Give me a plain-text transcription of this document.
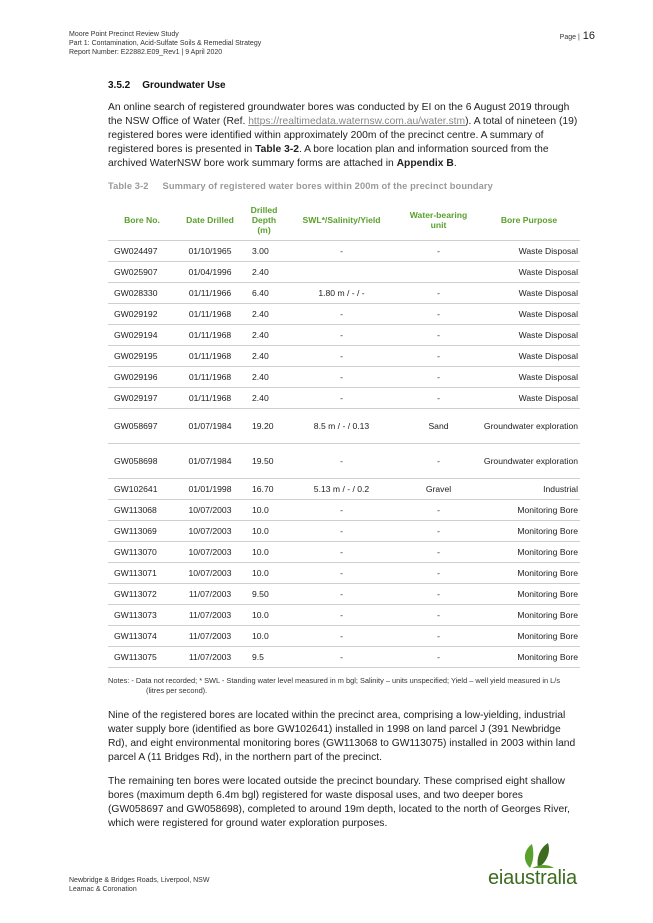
Moore Point Precinct Review Study
Part 1: Contamination, Acid-Sulfate Soils & Remedial Strategy
Report Number: E22882.E09_Rev1 | 9 April 2020
Page | 16
3.5.2 Groundwater Use

An online search of registered groundwater bores was conducted by EI on the 6 August 2019 through the NSW Office of Water (Ref. https://realtimedata.waternsw.com.au/water.stm). A total of nineteen (19) registered bores were identified within approximately 200m of the precinct centre. A summary of registered bores is presented in Table 3-2. A bore location plan and information sourced from the archived WaterNSW bore work summary forms are attached in Appendix B.

Table 3-2 Summary of registered water bores within 200m of the precinct boundary
Bore No.	Date Drilled	Drilled Depth (m)	SWL*/Salinity/Yield	Water-bearing unit	Bore Purpose
GW024497	01/10/1965	3.00	-	-	Waste Disposal
GW025907	01/04/1996	2.40			Waste Disposal
GW028330	01/11/1966	6.40	1.80 m / - / -	-	Waste Disposal
GW029192	01/11/1968	2.40	-	-	Waste Disposal
GW029194	01/11/1968	2.40	-	-	Waste Disposal
GW029195	01/11/1968	2.40	-	-	Waste Disposal
GW029196	01/11/1968	2.40	-	-	Waste Disposal
GW029197	01/11/1968	2.40	-	-	Waste Disposal
GW058697	01/07/1984	19.20	8.5 m / - / 0.13	Sand	Groundwater exploration
GW058698	01/07/1984	19.50	-	-	Groundwater exploration
GW102641	01/01/1998	16.70	5.13 m / - / 0.2	Gravel	Industrial
GW113068	10/07/2003	10.0	-	-	Monitoring Bore
GW113069	10/07/2003	10.0	-	-	Monitoring Bore
GW113070	10/07/2003	10.0	-	-	Monitoring Bore
GW113071	10/07/2003	10.0	-	-	Monitoring Bore
GW113072	11/07/2003	9.50	-	-	Monitoring Bore
GW113073	11/07/2003	10.0	-	-	Monitoring Bore
GW113074	11/07/2003	10.0	-	-	Monitoring Bore
GW113075	11/07/2003	9.5	-	-	Monitoring Bore
Notes: - Data not recorded; * SWL - Standing water level measured in m bgl; Salinity – units unspecified; Yield – well yield measured in L/s (litres per second).

Nine of the registered bores are located within the precinct area, comprising a low-yielding, industrial water supply bore (identified as bore GW102641) installed in 1998 on land parcel J (391 Newbridge Rd), and eight environmental monitoring bores (GW113068 to GW113075) installed in 2003 within land parcel A (11 Bridges Rd), in the northern part of the precinct.

The remaining ten bores were located outside the precinct boundary. These comprised eight shallow bores (maximum depth 6.4m bgl) registered for waste disposal uses, and two deeper bores (GW058697 and GW058698), completed to around 19m depth, located to the north of Georges River, which were registered for ground water exploration purposes.

Newbridge & Bridges Roads, Liverpool, NSW
Leamac & Coronation
eiaustralia
